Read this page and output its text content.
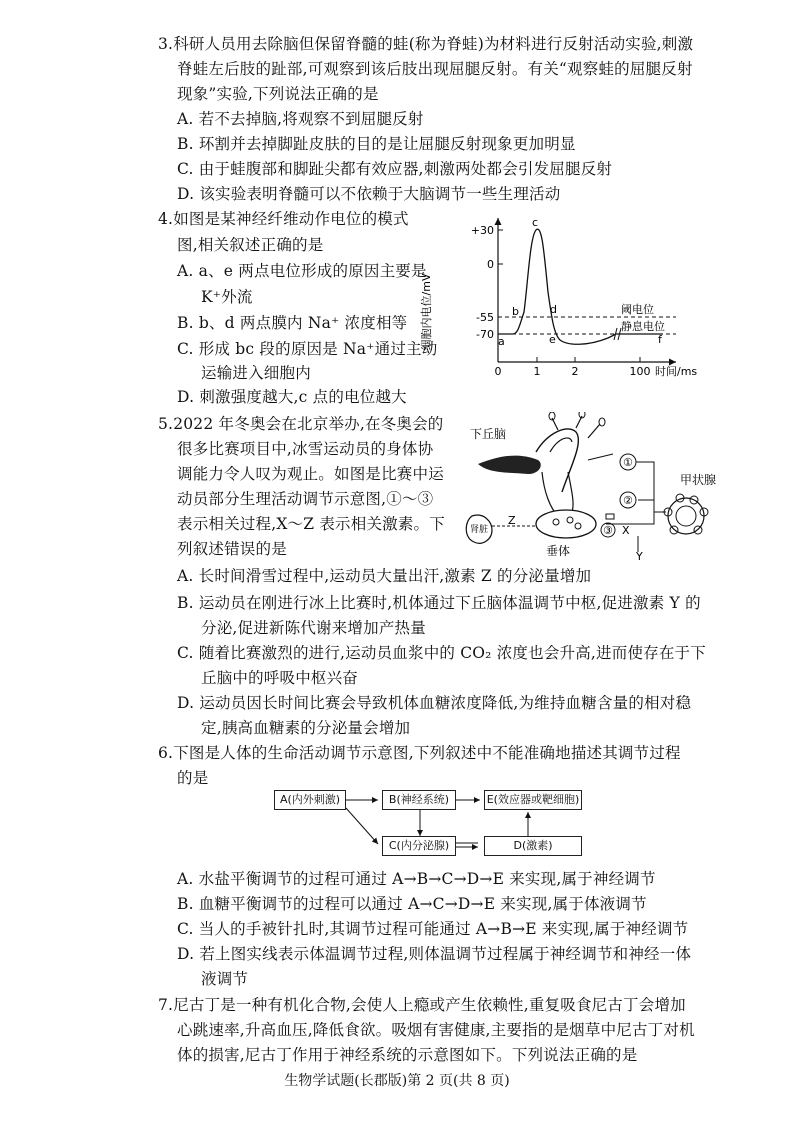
3.科研人员用去除脑但保留脊髓的蛙(称为脊蛙)为材料进行反射活动实验,刺激
脊蛙左后肢的趾部,可观察到该后肢出现屈腿反射。有关“观察蛙的屈腿反射
现象”实验,下列说法正确的是
A. 若不去掉脑,将观察不到屈腿反射
B. 环割并去掉脚趾皮肤的目的是让屈腿反射现象更加明显
C. 由于蛙腹部和脚趾尖都有效应器,刺激两处都会引发屈腿反射
D. 该实验表明脊髓可以不依赖于大脑调节一些生理活动
4.如图是某神经纤维动作电位的模式
图,相关叙述正确的是
A. a、e 两点电位形成的原因主要是
K⁺外流
B. b、d 两点膜内 Na⁺ 浓度相等
C. 形成 bc 段的原因是 Na⁺通过主动
运输进入细胞内
D. 刺激强度越大,c 点的电位越大
细胞内电位/mV
+30
0
-55
-70
a
b
c
d
e	f
阈电位
静息电位
0	1	2	100 时间/ms
5.2022 年冬奥会在北京举办,在冬奥会的
很多比赛项目中,冰雪运动员的身体协
调能力令人叹为观止。如图是比赛中运
动员部分生理活动调节示意图,①～③
表示相关过程,X～Z 表示相关激素。下
列叙述错误的是
下丘脑
垂体
①
②
③ X
肾脏
Z
甲状腺
Y
A. 长时间滑雪过程中,运动员大量出汗,激素 Z 的分泌量增加
B. 运动员在刚进行冰上比赛时,机体通过下丘脑体温调节中枢,促进激素 Y 的
分泌,促进新陈代谢来增加产热量
C. 随着比赛激烈的进行,运动员血浆中的 CO₂ 浓度也会升高,进而使存在于下
丘脑中的呼吸中枢兴奋
D. 运动员因长时间比赛会导致机体血糖浓度降低,为维持血糖含量的相对稳
定,胰高血糖素的分泌量会增加
6.下图是人体的生命活动调节示意图,下列叙述中不能准确地描述其调节过程
的是
A(内外刺激)	B(神经系统)	E(效应器或靶细胞)
C(内分泌腺)	D(激素)
A. 水盐平衡调节的过程可通过 A→B→C→D→E 来实现,属于神经调节
B. 血糖平衡调节的过程可以通过 A→C→D→E 来实现,属于体液调节
C. 当人的手被针扎时,其调节过程可能通过 A→B→E 来实现,属于神经调节
D. 若上图实线表示体温调节过程,则体温调节过程属于神经调节和神经一体
液调节
7.尼古丁是一种有机化合物,会使人上瘾或产生依赖性,重复吸食尼古丁会增加
心跳速率,升高血压,降低食欲。吸烟有害健康,主要指的是烟草中尼古丁对机
体的损害,尼古丁作用于神经系统的示意图如下。下列说法正确的是
生物学试题(长郡版)第 2 页(共 8 页)
